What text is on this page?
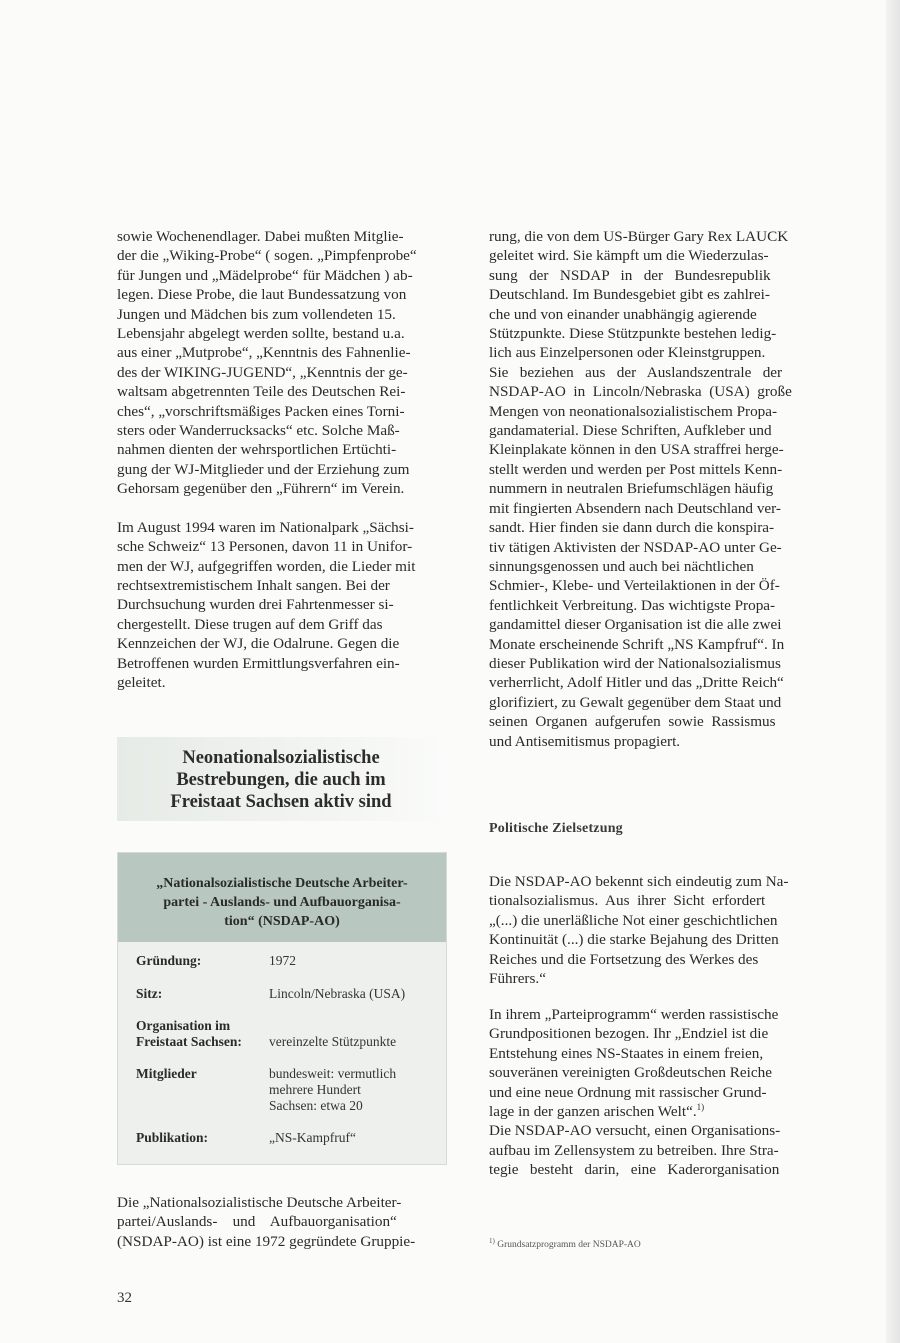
sowie Wochenendlager. Dabei mußten Mitglie-

der die „Wiking-Probe“ ( sogen. „Pimpfenprobe“

für Jungen und „Mädelprobe“ für Mädchen ) ab-

legen. Diese Probe, die laut Bundessatzung von

Jungen und Mädchen bis zum vollendeten 15.

Lebensjahr abgelegt werden sollte, bestand u.a.

aus einer „Mutprobe“, „Kenntnis des Fahnenlie-

des der WIKING-JUGEND“, „Kenntnis der ge-

waltsam abgetrennten Teile des Deutschen Rei-

ches“, „vorschriftsmäßiges Packen eines Torni-

sters oder Wanderrucksacks“ etc. Solche Maß-

nahmen dienten der wehrsportlichen Ertüchti-

gung der WJ-Mitglieder und der Erziehung zum

Gehorsam gegenüber den „Führern“ im Verein.

Im August 1994 waren im Nationalpark „Sächsi-

sche Schweiz“ 13 Personen, davon 11 in Unifor-

men der WJ, aufgegriffen worden, die Lieder mit

rechtsextremistischem Inhalt sangen. Bei der

Durchsuchung wurden drei Fahrtenmesser si-

chergestellt. Diese trugen auf dem Griff das

Kennzeichen der WJ, die Odalrune. Gegen die

Betroffenen wurden Ermittlungsverfahren ein-

geleitet.

Neonationalsozialistische
Bestrebungen, die auch im
Freistaat Sachsen aktiv sind
„Nationalsozialistische Deutsche Arbeiter-
partei - Auslands- und Aufbauorganisa-
tion“ (NSDAP-AO)
Gründung:	1972
Sitz:	Lincoln/Nebraska (USA)
Organisation im
Freistaat Sachsen:
vereinzelte Stützpunkte
Mitglieder	bundesweit: vermutlich
mehrere Hundert
Sachsen: etwa 20
Publikation:	„NS-Kampfruf“

Die „Nationalsozialistische Deutsche Arbeiter-

partei/Auslands-    und    Aufbauorganisation“

(NSDAP-AO) ist eine 1972 gegründete Gruppie-

rung, die von dem US-Bürger Gary Rex LAUCK

geleitet wird. Sie kämpft um die Wiederzulas-

sung   der   NSDAP   in   der   Bundesrepublik

Deutschland. Im Bundesgebiet gibt es zahlrei-

che und von einander unabhängig agierende

Stützpunkte. Diese Stützpunkte bestehen ledig-

lich aus Einzelpersonen oder Kleinstgruppen.

Sie   beziehen   aus   der   Auslandszentrale   der

NSDAP-AO  in  Lincoln/Nebraska  (USA)  große

Mengen von neonationalsozialistischem Propa-

gandamaterial. Diese Schriften, Aufkleber und

Kleinplakate können in den USA straffrei herge-

stellt werden und werden per Post mittels Kenn-

nummern in neutralen Briefumschlägen häufig

mit fingierten Absendern nach Deutschland ver-

sandt. Hier finden sie dann durch die konspira-

tiv tätigen Aktivisten der NSDAP-AO unter Ge-

sinnungsgenossen und auch bei nächtlichen

Schmier-, Klebe- und Verteilaktionen in der Öf-

fentlichkeit Verbreitung. Das wichtigste Propa-

gandamittel dieser Organisation ist die alle zwei

Monate erscheinende Schrift „NS Kampfruf“. In

dieser Publikation wird der Nationalsozialismus

verherrlicht, Adolf Hitler und das „Dritte Reich“

glorifiziert, zu Gewalt gegenüber dem Staat und

seinen  Organen  aufgerufen  sowie  Rassismus

und Antisemitismus propagiert.

Politische Zielsetzung

Die NSDAP-AO bekennt sich eindeutig zum Na-

tionalsozialismus.  Aus  ihrer  Sicht  erfordert

„(...) die unerläßliche Not einer geschichtlichen

Kontinuität (...) die starke Bejahung des Dritten

Reiches und die Fortsetzung des Werkes des

Führers.“

In ihrem „Parteiprogramm“ werden rassistische

Grundpositionen bezogen. Ihr „Endziel ist die

Entstehung eines NS-Staates in einem freien,

souveränen vereinigten Großdeutschen Reiche

und eine neue Ordnung mit rassischer Grund-

lage in der ganzen arischen Welt“.$^{1)}$

Die NSDAP-AO versucht, einen Organisations-

aufbau im Zellensystem zu betreiben. Ihre Stra-

tegie   besteht   darin,   eine   Kaderorganisation

$^{1)}$ Grundsatzprogramm der NSDAP-AO
32
